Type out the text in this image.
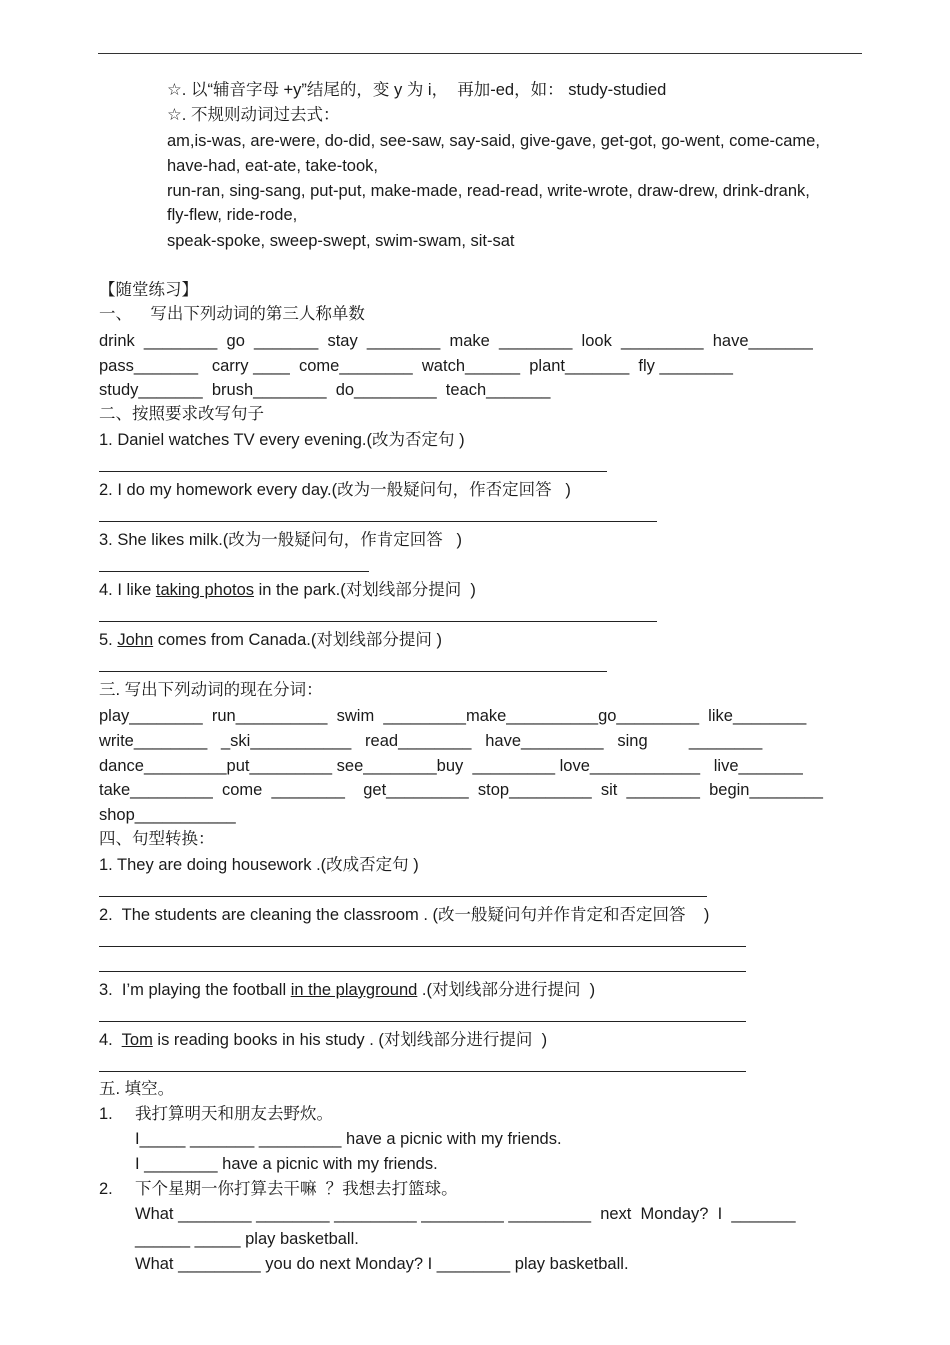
☆. 以“辅音字母 +y”结尾的，变 y 为 i，  再加-ed，如： study-studied
☆. 不规则动词过去式：
am,is-was, are-were, do-did, see-saw, say-said, give-gave, get-got, go-went, come-came,
have-had, eat-ate, take-took,
run-ran, sing-sang, put-put, make-made, read-read, write-wrote, draw-drew, drink-drank,
fly-flew, ride-rode,
speak-spoke, sweep-swept, swim-swam, sit-sat
【随堂练习】
一、    写出下列动词的第三人称单数
drink  ________  go  _______  stay  ________  make  ________  look  _________  have_______
pass_______   carry ____  come________  watch______  plant_______  fly ________
study_______  brush________  do_________  teach_______
二、按照要求改写句子
1. Daniel watches TV every evening.(改为否定句 )
2. I do my homework every day.(改为一般疑问句，作否定回答   )
3. She likes milk.(改为一般疑问句，作肯定回答   )
4. I like taking photos in the park.(对划线部分提问  )
5. John comes from Canada.(对划线部分提问 )
三. 写出下列动词的现在分词：
play________  run__________  swim  _________make__________go_________  like________
write________   _ski___________   read________   have_________   sing         ________
dance_________put_________ see________buy  _________ love____________   live_______
take_________  come  ________    get_________  stop_________  sit  ________  begin________
shop___________
四、句型转换：
1. They are doing housework .(改成否定句 )
2.  The students are cleaning the classroom . (改一般疑问句并作肯定和否定回答    )
3.  I’m playing the football in the playground .(对划线部分进行提问  )
4.  Tom is reading books in his study . (对划线部分进行提问  )
五. 填空。
1. 我打算明天和朋友去野炊。
I_____ _______ _________ have a picnic with my friends.
I ________ have a picnic with my friends.
2. 下个星期一你打算去干嘛  ？我想去打篮球。
What ________ ________ _________ _________ _________  next  Monday?  I  _______
______ _____ play basketball.
What _________ you do next Monday? I ________ play basketball.
